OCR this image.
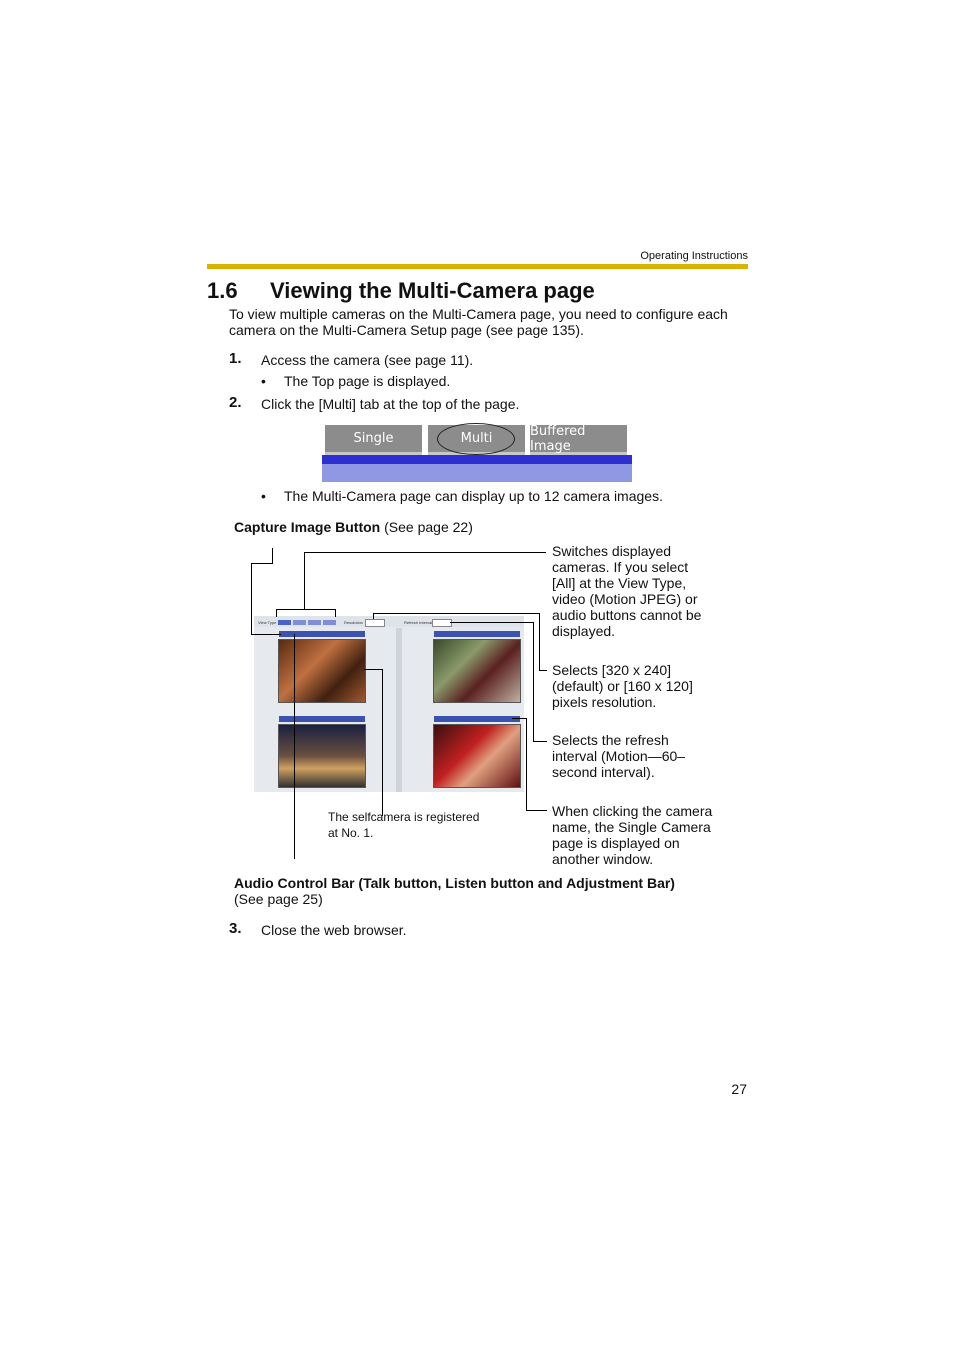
Operating Instructions
1.6 Viewing the Multi-Camera page
To view multiple cameras on the Multi-Camera page, you need to configure each camera on the Multi-Camera Setup page (see page 135).
1. Access the camera (see page 11).
• The Top page is displayed.
2. Click the [Multi] tab at the top of the page.
Single	Multi	Buffered Image
• The Multi-Camera page can display up to 12 camera images.
Capture Image Button (See page 22)
View Type	Resolution	Refresh Interval
Switches displayed
cameras. If you select
[All] at the View Type,
video (Motion JPEG) or
audio buttons cannot be
displayed.
Selects [320 x 240]
(default) or [160 x 120]
pixels resolution.
Selects the refresh
interval (Motion—60–
second interval).
When clicking the camera
name, the Single Camera
page is displayed on
another window.
The selfcamera is registered
at No. 1.
Audio Control Bar (Talk button, Listen button and Adjustment Bar)
(See page 25)
3. Close the web browser.
27
